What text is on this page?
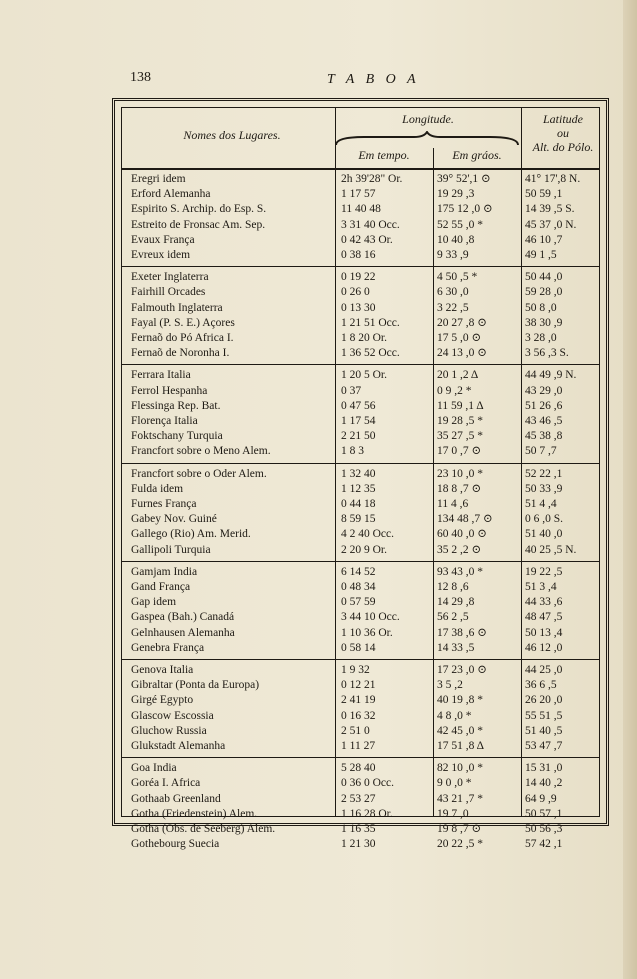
138	T A B O A
Nomes dos Lugares.
Longitude.
Em tempo.	Em gráos.
Latitude
ou
Alt. do Pólo.
Eregri idem	2h 39'28" Or.	39° 52',1 ⊙	41° 17',8 N.
Erford Alemanha	1 17 57	19 29 ,3	50 59 ,1
Espirito S. Archip. do Esp. S.	11 40 48	175 12 ,0 ⊙	14 39 ,5 S.
Estreito de Fronsac Am. Sep.	3 31 40 Occ.	52 55 ,0 *	45 37 ,0 N.
Evaux França	0 42 43 Or.	10 40 ,8	46 10 ,7
Evreux idem	0 38 16	9 33 ,9	49 1 ,5
Exeter Inglaterra	0 19 22	4 50 ,5 *	50 44 ,0
Fairhill Orcades	0 26 0	6 30 ,0	59 28 ,0
Falmouth Inglaterra	0 13 30	3 22 ,5	50 8 ,0
Fayal (P. S. E.) Açores	1 21 51 Occ.	20 27 ,8 ⊙	38 30 ,9
Fernaõ do Pó Africa I.	1 8 20 Or.	17 5 ,0 ⊙	3 28 ,0
Fernaõ de Noronha I.	1 36 52 Occ.	24 13 ,0 ⊙	3 56 ,3 S.
Ferrara Italia	1 20 5 Or.	20 1 ,2 Δ	44 49 ,9 N.
Ferrol Hespanha	0 37	0 9 ,2 *	43 29 ,0
Flessinga Rep. Bat.	0 47 56	11 59 ,1 Δ	51 26 ,6
Florença Italia	1 17 54	19 28 ,5 *	43 46 ,5
Foktschany Turquia	2 21 50	35 27 ,5 *	45 38 ,8
Francfort sobre o Meno Alem.	1 8 3	17 0 ,7 ⊙	50 7 ,7
Francfort sobre o Oder Alem.	1 32 40	23 10 ,0 *	52 22 ,1
Fulda idem	1 12 35	18 8 ,7 ⊙	50 33 ,9
Furnes França	0 44 18	11 4 ,6	51 4 ,4
Gabey Nov. Guiné	8 59 15	134 48 ,7 ⊙	0 6 ,0 S.
Gallego (Rio) Am. Merid.	4 2 40 Occ.	60 40 ,0 ⊙	51 40 ,0
Gallipoli Turquia	2 20 9 Or.	35 2 ,2 ⊙	40 25 ,5 N.
Gamjam India	6 14 52	93 43 ,0 *	19 22 ,5
Gand França	0 48 34	12 8 ,6	51 3 ,4
Gap idem	0 57 59	14 29 ,8	44 33 ,6
Gaspea (Bah.) Canadá	3 44 10 Occ.	56 2 ,5	48 47 ,5
Gelnhausen Alemanha	1 10 36 Or.	17 38 ,6 ⊙	50 13 ,4
Genebra França	0 58 14	14 33 ,5	46 12 ,0
Genova Italia	1 9 32	17 23 ,0 ⊙	44 25 ,0
Gibraltar (Ponta da Europa)	0 12 21	3 5 ,2	36 6 ,5
Girgé Egypto	2 41 19	40 19 ,8 *	26 20 ,0
Glascow Escossia	0 16 32	4 8 ,0 *	55 51 ,5
Gluchow Russia	2 51 0	42 45 ,0 *	51 40 ,5
Glukstadt Alemanha	1 11 27	17 51 ,8 Δ	53 47 ,7
Goa India	5 28 40	82 10 ,0 *	15 31 ,0
Goréa I. Africa	0 36 0 Occ.	9 0 ,0 *	14 40 ,2
Gothaab Greenland	2 53 27	43 21 ,7 *	64 9 ,9
Gotha (Friedenstein) Alem.	1 16 28 Or.	19 7 ,0	50 57 ,1
Gotha (Obs. de Seeberg) Alem.	1 16 35	19 8 ,7 ⊙	50 56 ,3
Gothebourg Suecia	1 21 30	20 22 ,5 *	57 42 ,1
